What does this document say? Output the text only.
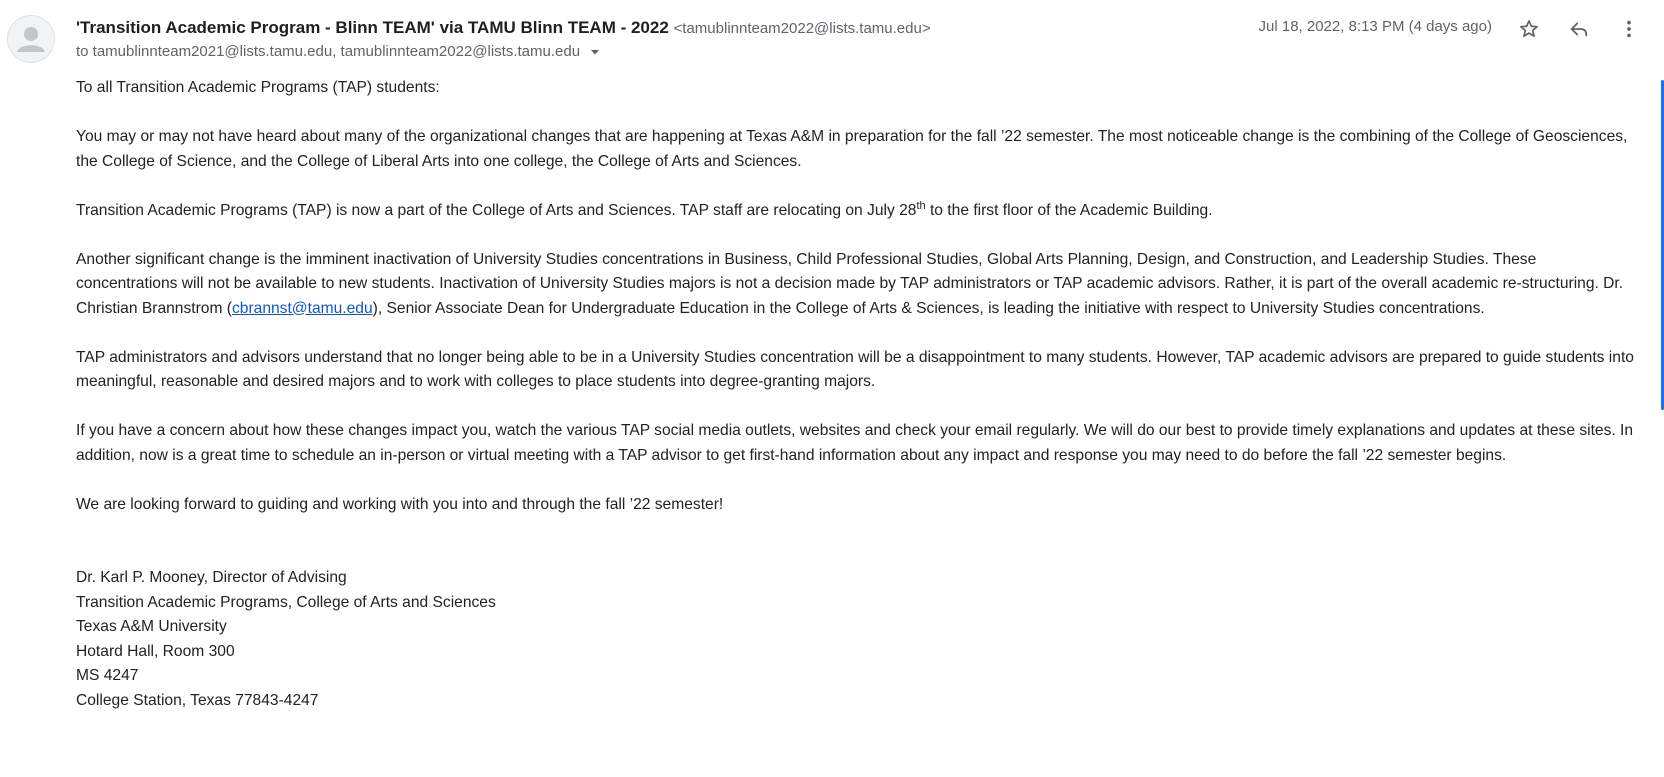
'Transition Academic Program - Blinn TEAM' via TAMU Blinn TEAM - 2022 <tamublinnteam2022@lists.tamu.edu>
to tamublinnteam2021@lists.tamu.edu, tamublinnteam2022@lists.tamu.edu
Jul 18, 2022, 8:13 PM (4 days ago)

To all Transition Academic Programs (TAP) students:

You may or may not have heard about many of the organizational changes that are happening at Texas A&M in preparation for the fall ’22 semester. The most noticeable change is the combining of the College of Geosciences, the College of Science, and the College of Liberal Arts into one college, the College of Arts and Sciences.

Transition Academic Programs (TAP) is now a part of the College of Arts and Sciences. TAP staff are relocating on July 28th to the first floor of the Academic Building.

Another significant change is the imminent inactivation of University Studies concentrations in Business, Child Professional Studies, Global Arts Planning, Design, and Construction, and Leadership Studies. These concentrations will not be available to new students. Inactivation of University Studies majors is not a decision made by TAP administrators or TAP academic advisors. Rather, it is part of the overall academic re-structuring. Dr. Christian Brannstrom (cbrannst@tamu.edu), Senior Associate Dean for Undergraduate Education in the College of Arts & Sciences, is leading the initiative with respect to University Studies concentrations.

TAP administrators and advisors understand that no longer being able to be in a University Studies concentration will be a disappointment to many students. However, TAP academic advisors are prepared to guide students into meaningful, reasonable and desired majors and to work with colleges to place students into degree-granting majors.

If you have a concern about how these changes impact you, watch the various TAP social media outlets, websites and check your email regularly. We will do our best to provide timely explanations and updates at these sites. In addition, now is a great time to schedule an in-person or virtual meeting with a TAP advisor to get first-hand information about any impact and response you may need to do before the fall ’22 semester begins.

We are looking forward to guiding and working with you into and through the fall ’22 semester!

Dr. Karl P. Mooney, Director of Advising
Transition Academic Programs, College of Arts and Sciences
Texas A&M University
Hotard Hall, Room 300
MS 4247
College Station, Texas 77843-4247
